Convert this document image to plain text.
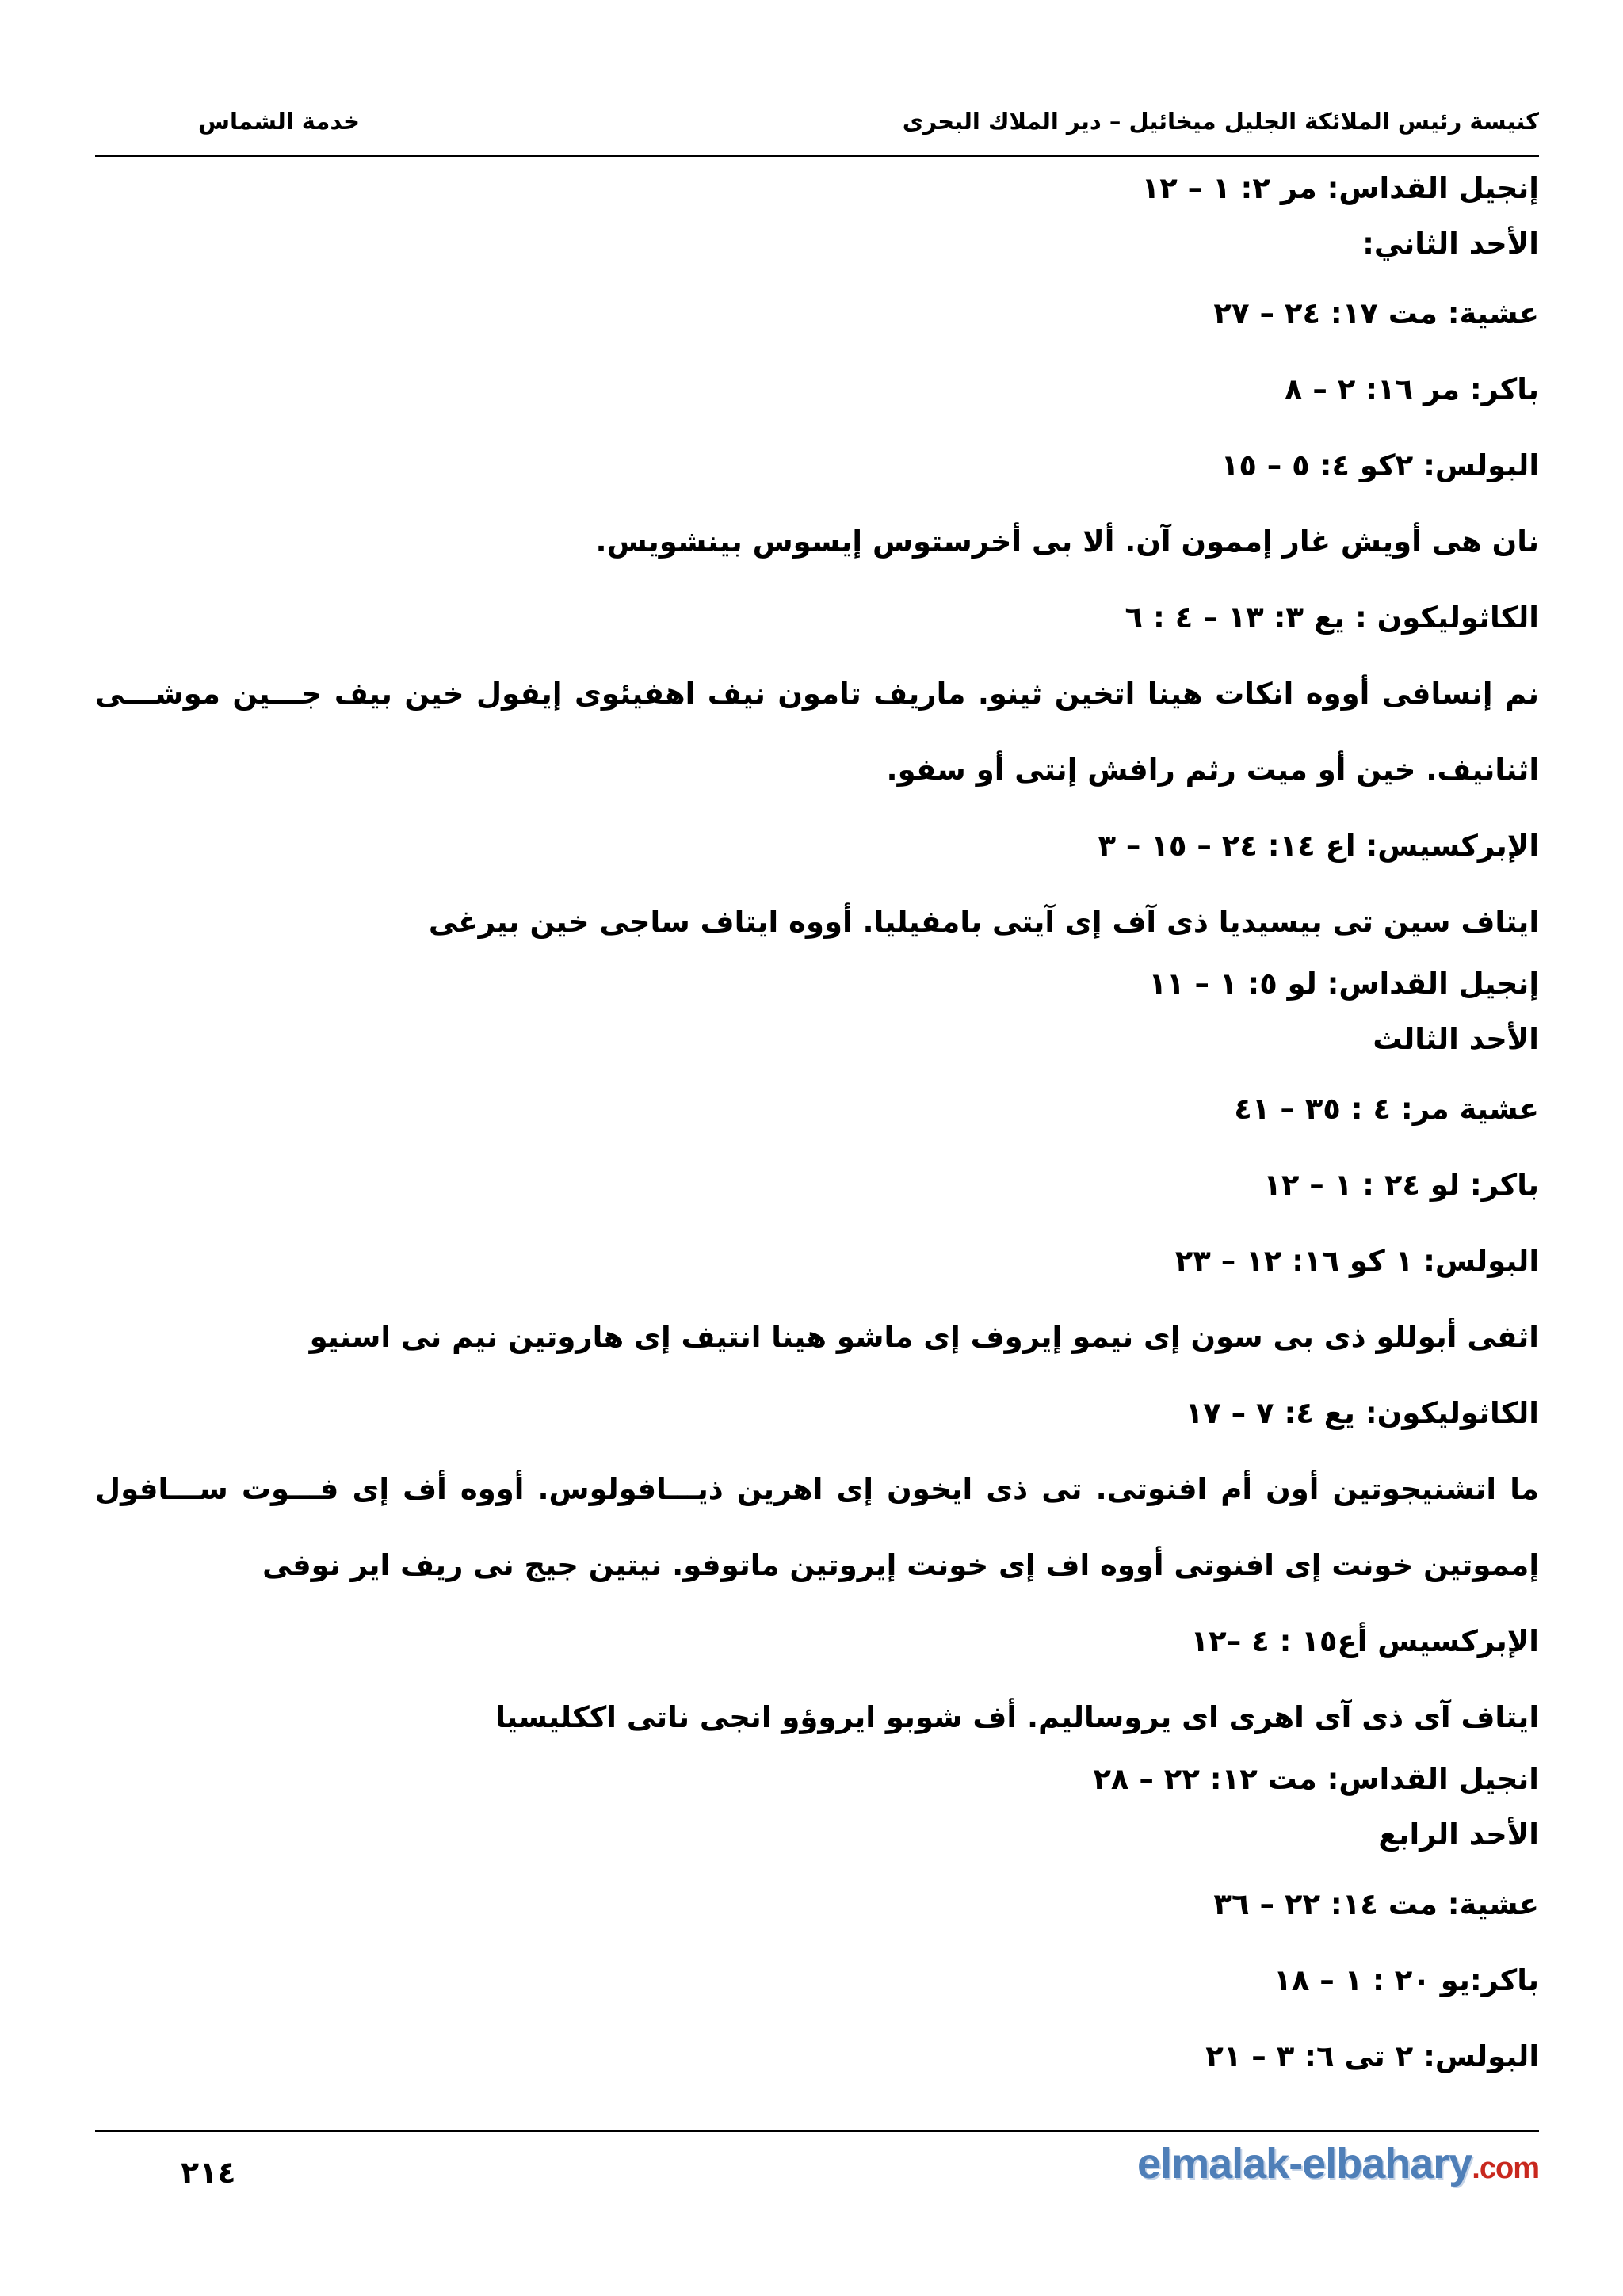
كنيسة رئيس الملائكة الجليل ميخائيل – دير الملاك البحرى
خدمة الشماس
إنجيل القداس: مر ٢: ١ – ١٢
الأحد الثاني:
عشية: مت ١٧: ٢٤ – ٢٧
باكر: مر ١٦: ٢ – ٨
البولس: ٢كو ٤: ٥ – ١٥
نان هى أويش غار إممون آن. ألا بى أخرستوس إيسوس بينشويس.
الكاثوليكون : يع ٣: ١٣ – ٤ : ٦
نم إنسافى أووه انكات هينا اتخين ثينو. ماريف تامون نيف اهفيئوى إيفول خين بيف جـــين موشـــى
اثنانيف. خين أو ميت رثم رافش إنتى أو سفو.
الإبركسيس: اع ١٤: ٢٤ – ١٥ – ٣
ايتاف سين تى بيسيديا ذى آف إى آيتى بامفيليا. أووه ايتاف ساجى خين بيرغى
إنجيل القداس: لو ٥: ١ – ١١
الأحد الثالث
عشية مر: ٤ : ٣٥ – ٤١
باكر: لو ٢٤ : ١ – ١٢
البولس: ١ كو ١٦: ١٢ – ٢٣
اثفى أبوللو ذى بى سون إى نيمو إيروف إى ماشو هينا انتيف إى هاروتين نيم نى اسنيو
الكاثوليكون: يع ٤: ٧ – ١٧
ما اتشنيجوتين أون أم افنوتى. تى ذى ايخون إى اهرين ذيـــافولوس. أووه أف إى فـــوت ســـافول
إمموتين خونت إى افنوتى أووه اف إى خونت إيروتين ماتوفو. نيتين جيج نى ريف اير نوفى
الإبركسيس أع١٥ : ٤ –١٢
ايتاف آى ذى آى اهرى اى يروساليم. أف شوبو ايروؤو انجى ناتى اككليسيا
انجيل القداس: مت ١٢: ٢٢ – ٢٨
الأحد الرابع
عشية: مت ١٤: ٢٢ – ٣٦
باكر:يو ٢٠ : ١ – ١٨
البولس: ٢ تى ٦: ٣ – ٢١
٢١٤	elmalak-elbahary.com
